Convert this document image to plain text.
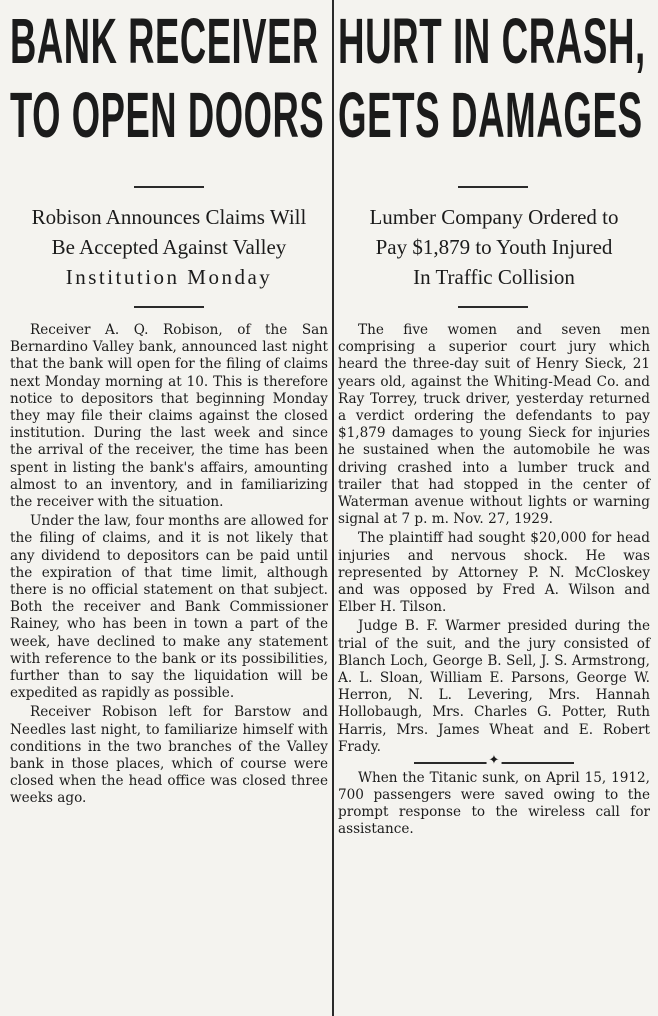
BANK RECEIVER
TO OPEN DOORS
Robison Announces Claims Will
Be Accepted Against Valley
Institution Monday

Receiver A. Q. Robison, of the San Bernardino Valley bank, announced last night that the bank will open for the filing of claims next Monday morning at 10. This is therefore notice to depositors that beginning Monday they may file their claims against the closed institution. During the last week and since the arrival of the receiver, the time has been spent in listing the bank's affairs, amounting almost to an inventory, and in familiarizing the receiver with the situation.

Under the law, four months are allowed for the filing of claims, and it is not likely that any dividend to depositors can be paid until the expiration of that time limit, although there is no official statement on that subject. Both the receiver and Bank Commissioner Rainey, who has been in town a part of the week, have declined to make any statement with reference to the bank or its possibilities, further than to say the liquidation will be expedited as rapidly as possible.

Receiver Robison left for Barstow and Needles last night, to familiarize himself with conditions in the two branches of the Valley bank in those places, which of course were closed when the head office was closed three weeks ago.

HURT IN CRASH,
GETS DAMAGES
Lumber Company Ordered to
Pay $1,879 to Youth Injured
In Traffic Collision

The five women and seven men comprising a superior court jury which heard the three-day suit of Henry Sieck, 21 years old, against the Whiting-Mead Co. and Ray Torrey, truck driver, yesterday returned a verdict ordering the defendants to pay $1,879 damages to young Sieck for injuries he sustained when the automobile he was driving crashed into a lumber truck and trailer that had stopped in the center of Waterman avenue without lights or warning signal at 7 p. m. Nov. 27, 1929.

The plaintiff had sought $20,000 for head injuries and nervous shock. He was represented by Attorney P. N. McCloskey and was opposed by Fred A. Wilson and Elber H. Tilson.

Judge B. F. Warmer presided during the trial of the suit, and the jury consisted of Blanch Loch, George B. Sell, J. S. Armstrong, A. L. Sloan, William E. Parsons, George W. Herron, N. L. Levering, Mrs. Hannah Hollobaugh, Mrs. Charles G. Potter, Ruth Harris, Mrs. James Wheat and E. Robert Frady.

✦

When the Titanic sunk, on April 15, 1912, 700 passengers were saved owing to the prompt response to the wireless call for assistance.
